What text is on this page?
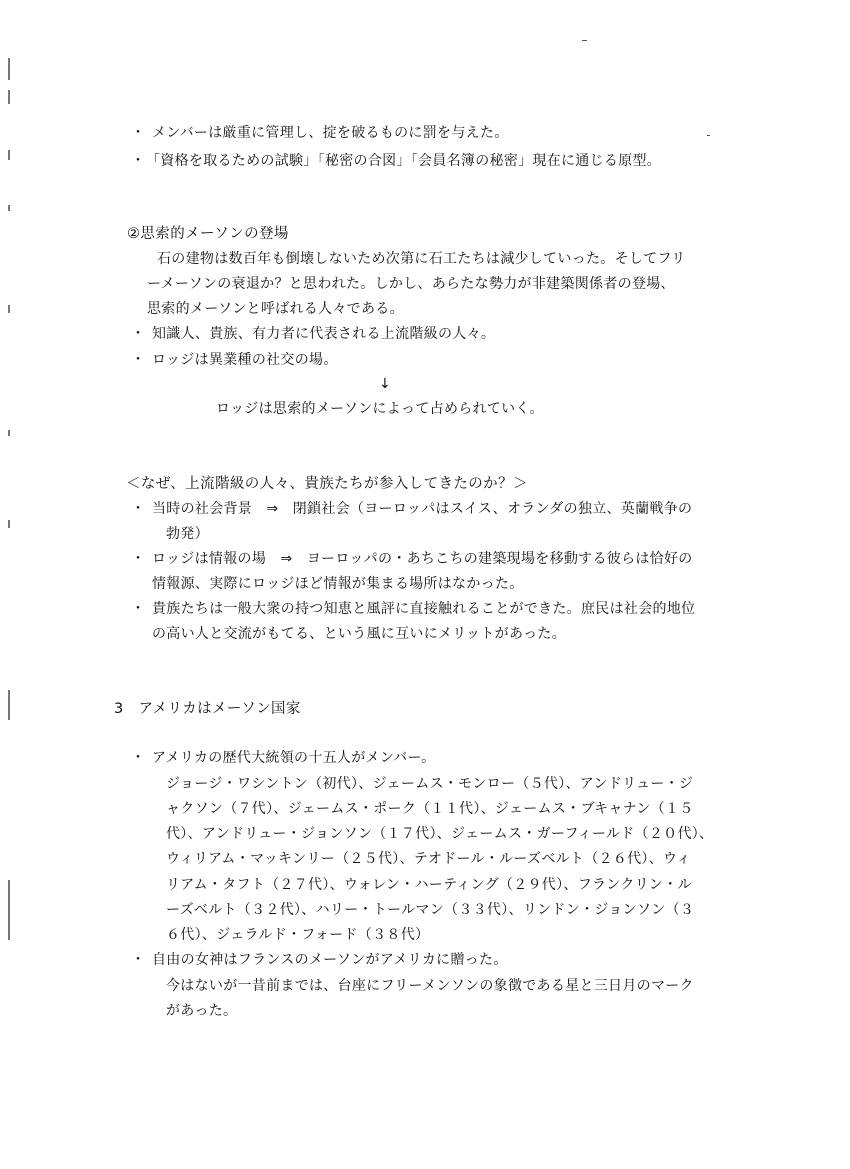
・ メンバーは厳重に管理し、掟を破るものに罰を与えた。
・ 「資格を取るための試験」「秘密の合図」「会員名簿の秘密」現在に通じる原型。
②思索的メーソンの登場
石の建物は数百年も倒壊しないため次第に石工たちは減少していった。そしてフリ
ーメーソンの衰退か？と思われた。しかし、あらたな勢力が非建築関係者の登場、
思索的メーソンと呼ばれる人々である。
・ 知識人、貴族、有力者に代表される上流階級の人々。
・ ロッジは異業種の社交の場。
↓
ロッジは思索的メーソンによって占められていく。
＜なぜ、上流階級の人々、貴族たちが参入してきたのか？＞
・ 当時の社会背景　⇒　閉鎖社会（ヨーロッパはスイス、オランダの独立、英蘭戦争の
勃発）
・ ロッジは情報の場　⇒　ヨーロッパの・あちこちの建築現場を移動する彼らは恰好の
情報源、実際にロッジほど情報が集まる場所はなかった。
・ 貴族たちは一般大衆の持つ知恵と風評に直接触れることができた。庶民は社会的地位
の高い人と交流がもてる、という風に互いにメリットがあった。
3　アメリカはメーソン国家
・ アメリカの歴代大統領の十五人がメンバー。
ジョージ・ワシントン（初代）、ジェームス・モンロー（５代）、アンドリュー・ジ
ャクソン（７代）、ジェームス・ポーク（１１代）、ジェームス・ブキャナン（１５
代）、アンドリュー・ジョンソン（１７代）、ジェームス・ガーフィールド（２０代）、
ウィリアム・マッキンリー（２５代）、テオドール・ルーズベルト（２６代）、ウィ
リアム・タフト（２７代）、ウォレン・ハーティング（２９代）、フランクリン・ル
ーズベルト（３２代）、ハリー・トールマン（３３代）、リンドン・ジョンソン（３
６代）、ジェラルド・フォード（３８代）
・ 自由の女神はフランスのメーソンがアメリカに贈った。
今はないが一昔前までは、台座にフリーメンソンの象徴である星と三日月のマーク
があった。
